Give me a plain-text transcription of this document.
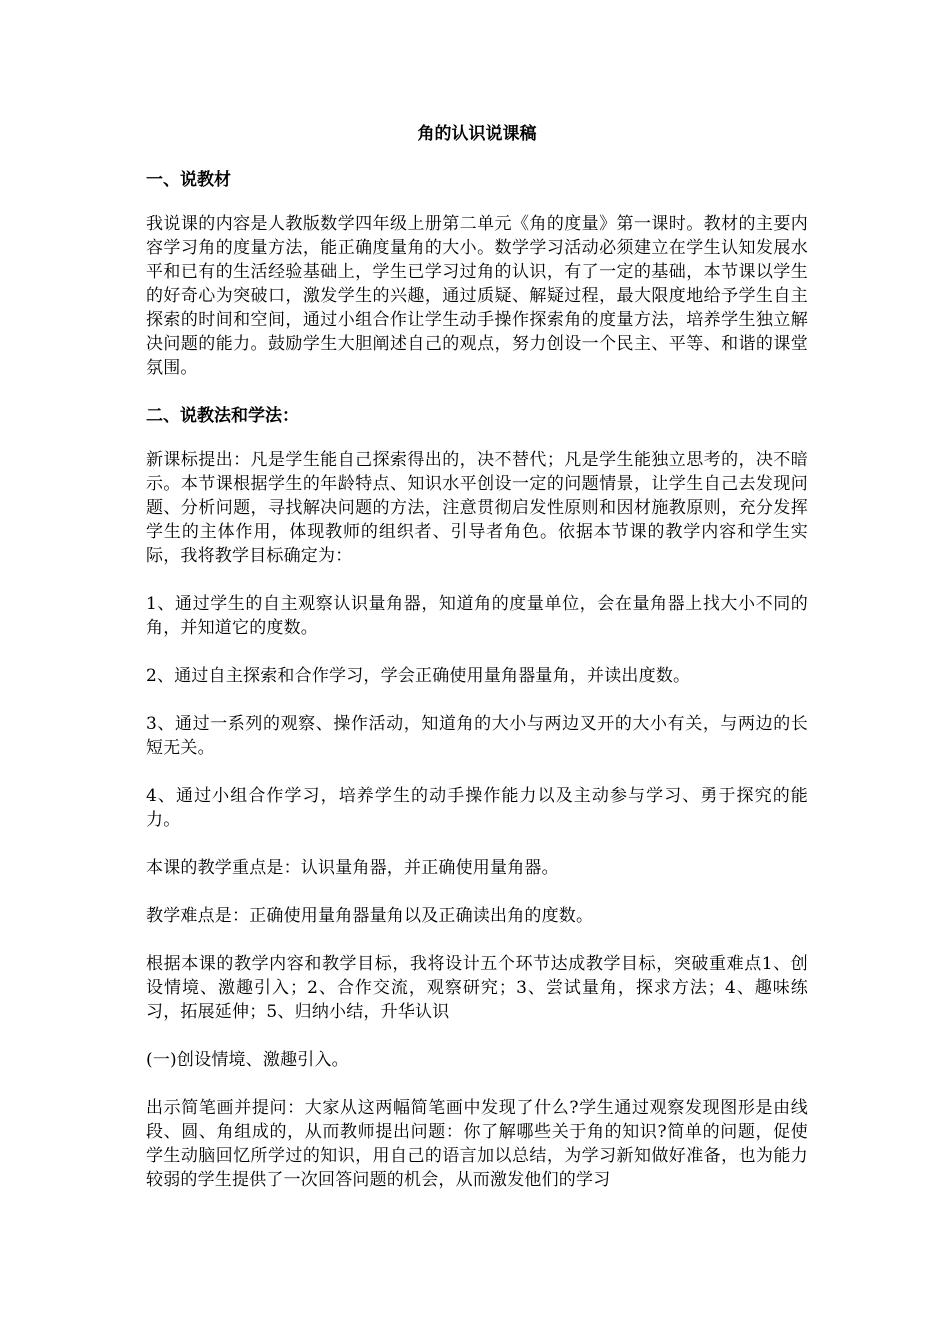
角的认识说课稿
一、说教材
我说课的内容是人教版数学四年级上册第二单元《角的度量》第一课时。教材的主要内容学习角的度量方法，能正确度量角的大小。数学学习活动必须建立在学生认知发展水平和已有的生活经验基础上，学生已学习过角的认识，有了一定的基础，本节课以学生的好奇心为突破口，激发学生的兴趣，通过质疑、解疑过程，最大限度地给予学生自主探索的时间和空间，通过小组合作让学生动手操作探索角的度量方法，培养学生独立解决问题的能力。鼓励学生大胆阐述自己的观点，努力创设一个民主、平等、和谐的课堂氛围。
二、说教法和学法：
新课标提出：凡是学生能自己探索得出的，决不替代；凡是学生能独立思考的，决不暗示。本节课根据学生的年龄特点、知识水平创设一定的问题情景，让学生自己去发现问题、分析问题，寻找解决问题的方法，注意贯彻启发性原则和因材施教原则，充分发挥学生的主体作用，体现教师的组织者、引导者角色。依据本节课的教学内容和学生实际，我将教学目标确定为：
1、通过学生的自主观察认识量角器，知道角的度量单位，会在量角器上找大小不同的角，并知道它的度数。
2、通过自主探索和合作学习，学会正确使用量角器量角，并读出度数。
3、通过一系列的观察、操作活动，知道角的大小与两边叉开的大小有关，与两边的长短无关。
4、通过小组合作学习，培养学生的动手操作能力以及主动参与学习、勇于探究的能力。
本课的教学重点是：认识量角器，并正确使用量角器。
教学难点是：正确使用量角器量角以及正确读出角的度数。
根据本课的教学内容和教学目标，我将设计五个环节达成教学目标，突破重难点1、创设情境、激趣引入；2、合作交流，观察研究；3、尝试量角，探求方法；4、趣味练习，拓展延伸；5、归纳小结，升华认识
(一)创设情境、激趣引入。
出示简笔画并提问：大家从这两幅简笔画中发现了什么?学生通过观察发现图形是由线段、圆、角组成的，从而教师提出问题：你了解哪些关于角的知识?简单的问题，促使学生动脑回忆所学过的知识，用自己的语言加以总结，为学习新知做好准备，也为能力较弱的学生提供了一次回答问题的机会，从而激发他们的学习
